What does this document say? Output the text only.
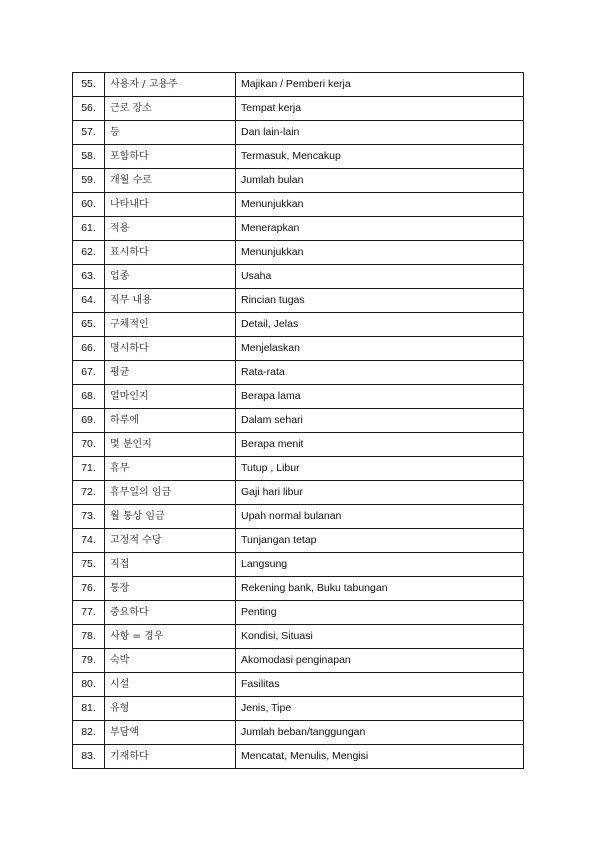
55.	사용자 / 고용주	Majikan / Pemberi kerja
56.	근로 장소	Tempat kerja
57.	등	Dan lain-lain
58.	포함하다	Termasuk, Mencakup
59.	개월 수로	Jumlah bulan
60.	나타내다	Menunjukkan
61.	적용	Menerapkan
62.	표시하다	Menunjukkan
63.	업종	Usaha
64.	직무 내용	Rincian tugas
65.	구체적인	Detail, Jelas
66.	명시하다	Menjelaskan
67.	평균	Rata-rata
68.	얼마인지	Berapa lama
69.	하루에	Dalam sehari
70.	몇 분인지	Berapa menit
71.	휴무	Tutup , Libur
72.	휴무일의 임금	Gaji hari libur
73.	월 통상 임금	Upah normal bulanan
74.	고정적 수당	Tunjangan tetap
75.	직접	Langsung
76.	통장	Rekening bank, Buku tabungan
77.	중요하다	Penting
78.	사항 = 경우	Kondisi, Situasi
79.	숙박	Akomodasi penginapan
80.	시설	Fasilitas
81.	유형	Jenis, Tipe
82.	부담액	Jumlah beban/tanggungan
83.	기재하다	Mencatat, Menulis, Mengisi
